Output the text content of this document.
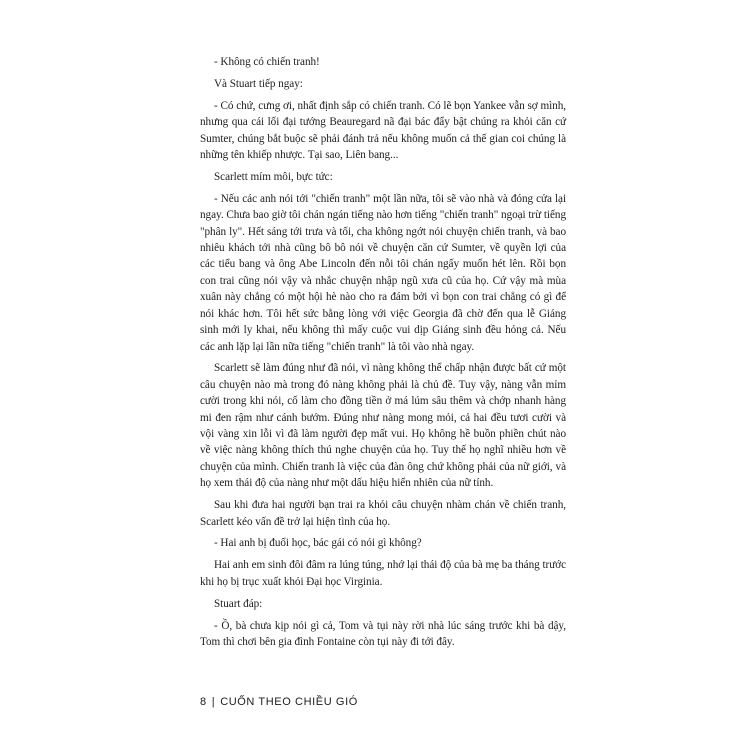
- Không có chiến tranh!

Và Stuart tiếp ngay:

- Có chứ, cưng ơi, nhất định sắp có chiến tranh. Có lẽ bọn Yankee vẫn sợ mình, nhưng qua cái lối đại tướng Beauregard nã đại bác đẩy bật chúng ra khỏi căn cứ Sumter, chúng bắt buộc sẽ phải đánh trả nếu không muốn cả thế gian coi chúng là những tên khiếp nhược. Tại sao, Liên bang...

Scarlett mím môi, bực tức:

- Nếu các anh nói tới "chiến tranh" một lần nữa, tôi sẽ vào nhà và đóng cửa lại ngay. Chưa bao giờ tôi chán ngán tiếng nào hơn tiếng "chiến tranh" ngoại trừ tiếng "phân ly". Hết sáng tới trưa và tối, cha không ngớt nói chuyện chiến tranh, và bao nhiêu khách tới nhà cũng bô bô nói về chuyện căn cứ Sumter, về quyền lợi của các tiểu bang và ông Abe Lincoln đến nỗi tôi chán ngấy muốn hét lên. Rồi bọn con trai cũng nói vậy và nhắc chuyện nhập ngũ xưa cũ của họ. Cứ vậy mà mùa xuân này chẳng có một hội hè nào cho ra đám bởi vì bọn con trai chẳng có gì để nói khác hơn. Tôi hết sức bằng lòng với việc Georgia đã chờ đến qua lễ Giáng sinh mới ly khai, nếu không thì mấy cuộc vui dịp Giáng sinh đều hỏng cả. Nếu các anh lặp lại lần nữa tiếng "chiến tranh" là tôi vào nhà ngay.

Scarlett sẽ làm đúng như đã nói, vì nàng không thể chấp nhận được bất cứ một câu chuyện nào mà trong đó nàng không phải là chủ đề. Tuy vậy, nàng vẫn mỉm cười trong khi nói, cố làm cho đồng tiền ở má lúm sâu thêm và chớp nhanh hàng mi đen rậm như cánh bướm. Đúng như nàng mong mỏi, cả hai đều tươi cười và vội vàng xin lỗi vì đã làm người đẹp mất vui. Họ không hề buồn phiền chút nào về việc nàng không thích thú nghe chuyện của họ. Tuy thế họ nghĩ nhiều hơn về chuyện của mình. Chiến tranh là việc của đàn ông chứ không phải của nữ giới, và họ xem thái độ của nàng như một dấu hiệu hiển nhiên của nữ tính.

Sau khi đưa hai người bạn trai ra khỏi câu chuyện nhàm chán về chiến tranh, Scarlett kéo vấn đề trở lại hiện tình của họ.

- Hai anh bị đuổi học, bác gái có nói gì không?

Hai anh em sinh đôi đâm ra lúng túng, nhớ lại thái độ của bà mẹ ba tháng trước khi họ bị trục xuất khỏi Đại học Virginia.

Stuart đáp:

- Ồ, bà chưa kịp nói gì cả, Tom và tụi này rời nhà lúc sáng trước khi bà dậy, Tom thì chơi bên gia đình Fontaine còn tụi này đi tới đây.

8 | CUỐN THEO CHIỀU GIÓ
